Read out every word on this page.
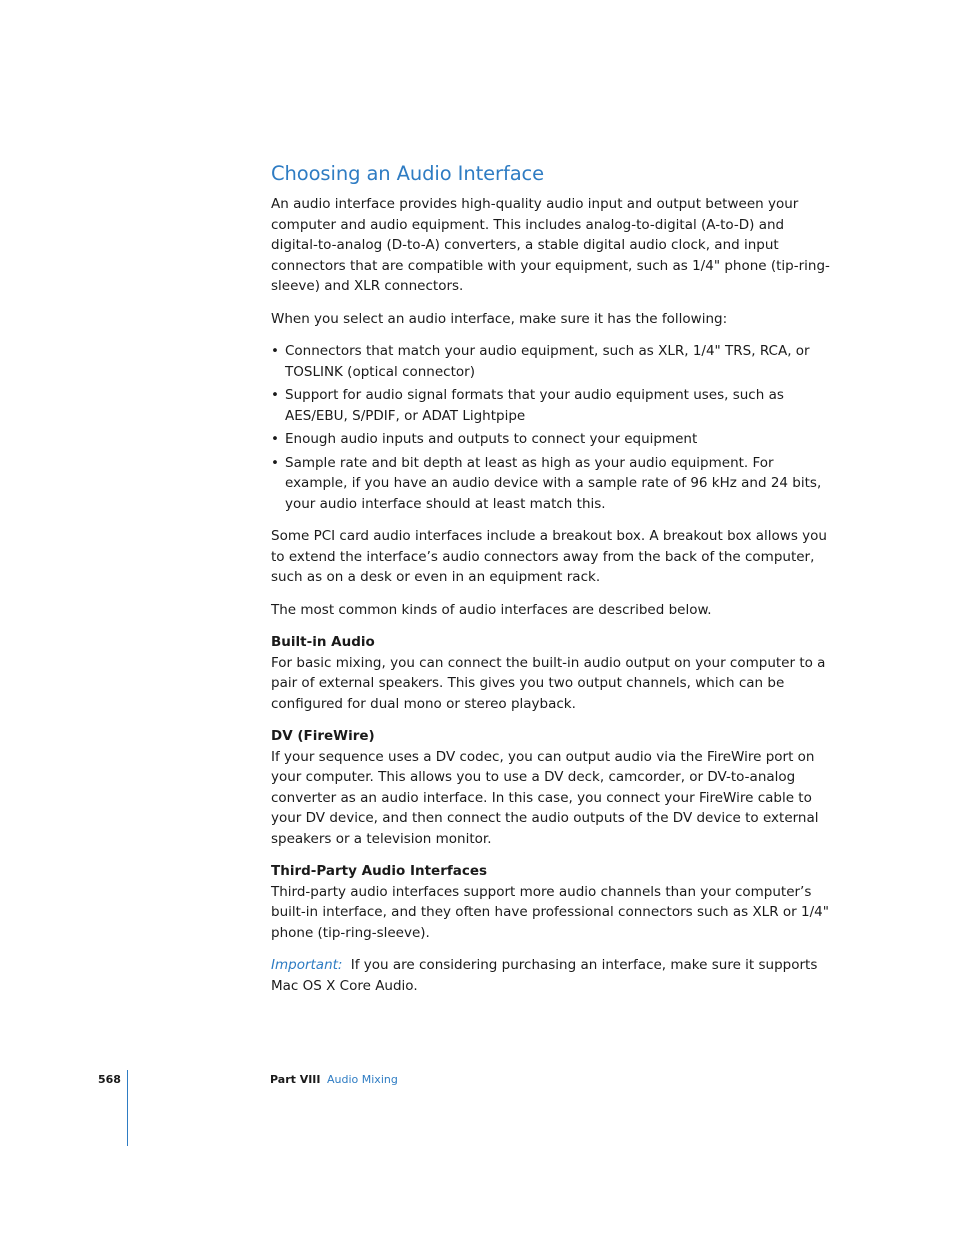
Choosing an Audio Interface

An audio interface provides high-quality audio input and output between your computer and audio equipment. This includes analog-to-digital (A-to-D) and digital-to-analog (D-to-A) converters, a stable digital audio clock, and input connectors that are compatible with your equipment, such as 1/4" phone (tip-ring-sleeve) and XLR connectors.

When you select an audio interface, make sure it has the following:

• Connectors that match your audio equipment, such as XLR, 1/4" TRS, RCA, or TOSLINK (optical connector)
• Support for audio signal formats that your audio equipment uses, such as AES/EBU, S/PDIF, or ADAT Lightpipe
• Enough audio inputs and outputs to connect your equipment
• Sample rate and bit depth at least as high as your audio equipment. For example, if you have an audio device with a sample rate of 96 kHz and 24 bits, your audio interface should at least match this.

Some PCI card audio interfaces include a breakout box. A breakout box allows you to extend the interface’s audio connectors away from the back of the computer, such as on a desk or even in an equipment rack.

The most common kinds of audio interfaces are described below.

Built-in Audio

For basic mixing, you can connect the built-in audio output on your computer to a pair of external speakers. This gives you two output channels, which can be configured for dual mono or stereo playback.

DV (FireWire)

If your sequence uses a DV codec, you can output audio via the FireWire port on your computer. This allows you to use a DV deck, camcorder, or DV-to-analog converter as an audio interface. In this case, you connect your FireWire cable to your DV device, and then connect the audio outputs of the DV device to external speakers or a television monitor.

Third-Party Audio Interfaces

Third-party audio interfaces support more audio channels than your computer’s built-in interface, and they often have professional connectors such as XLR or 1/4" phone (tip-ring-sleeve).

Important: If you are considering purchasing an interface, make sure it supports Mac OS X Core Audio.

568	Part VIII Audio Mixing
